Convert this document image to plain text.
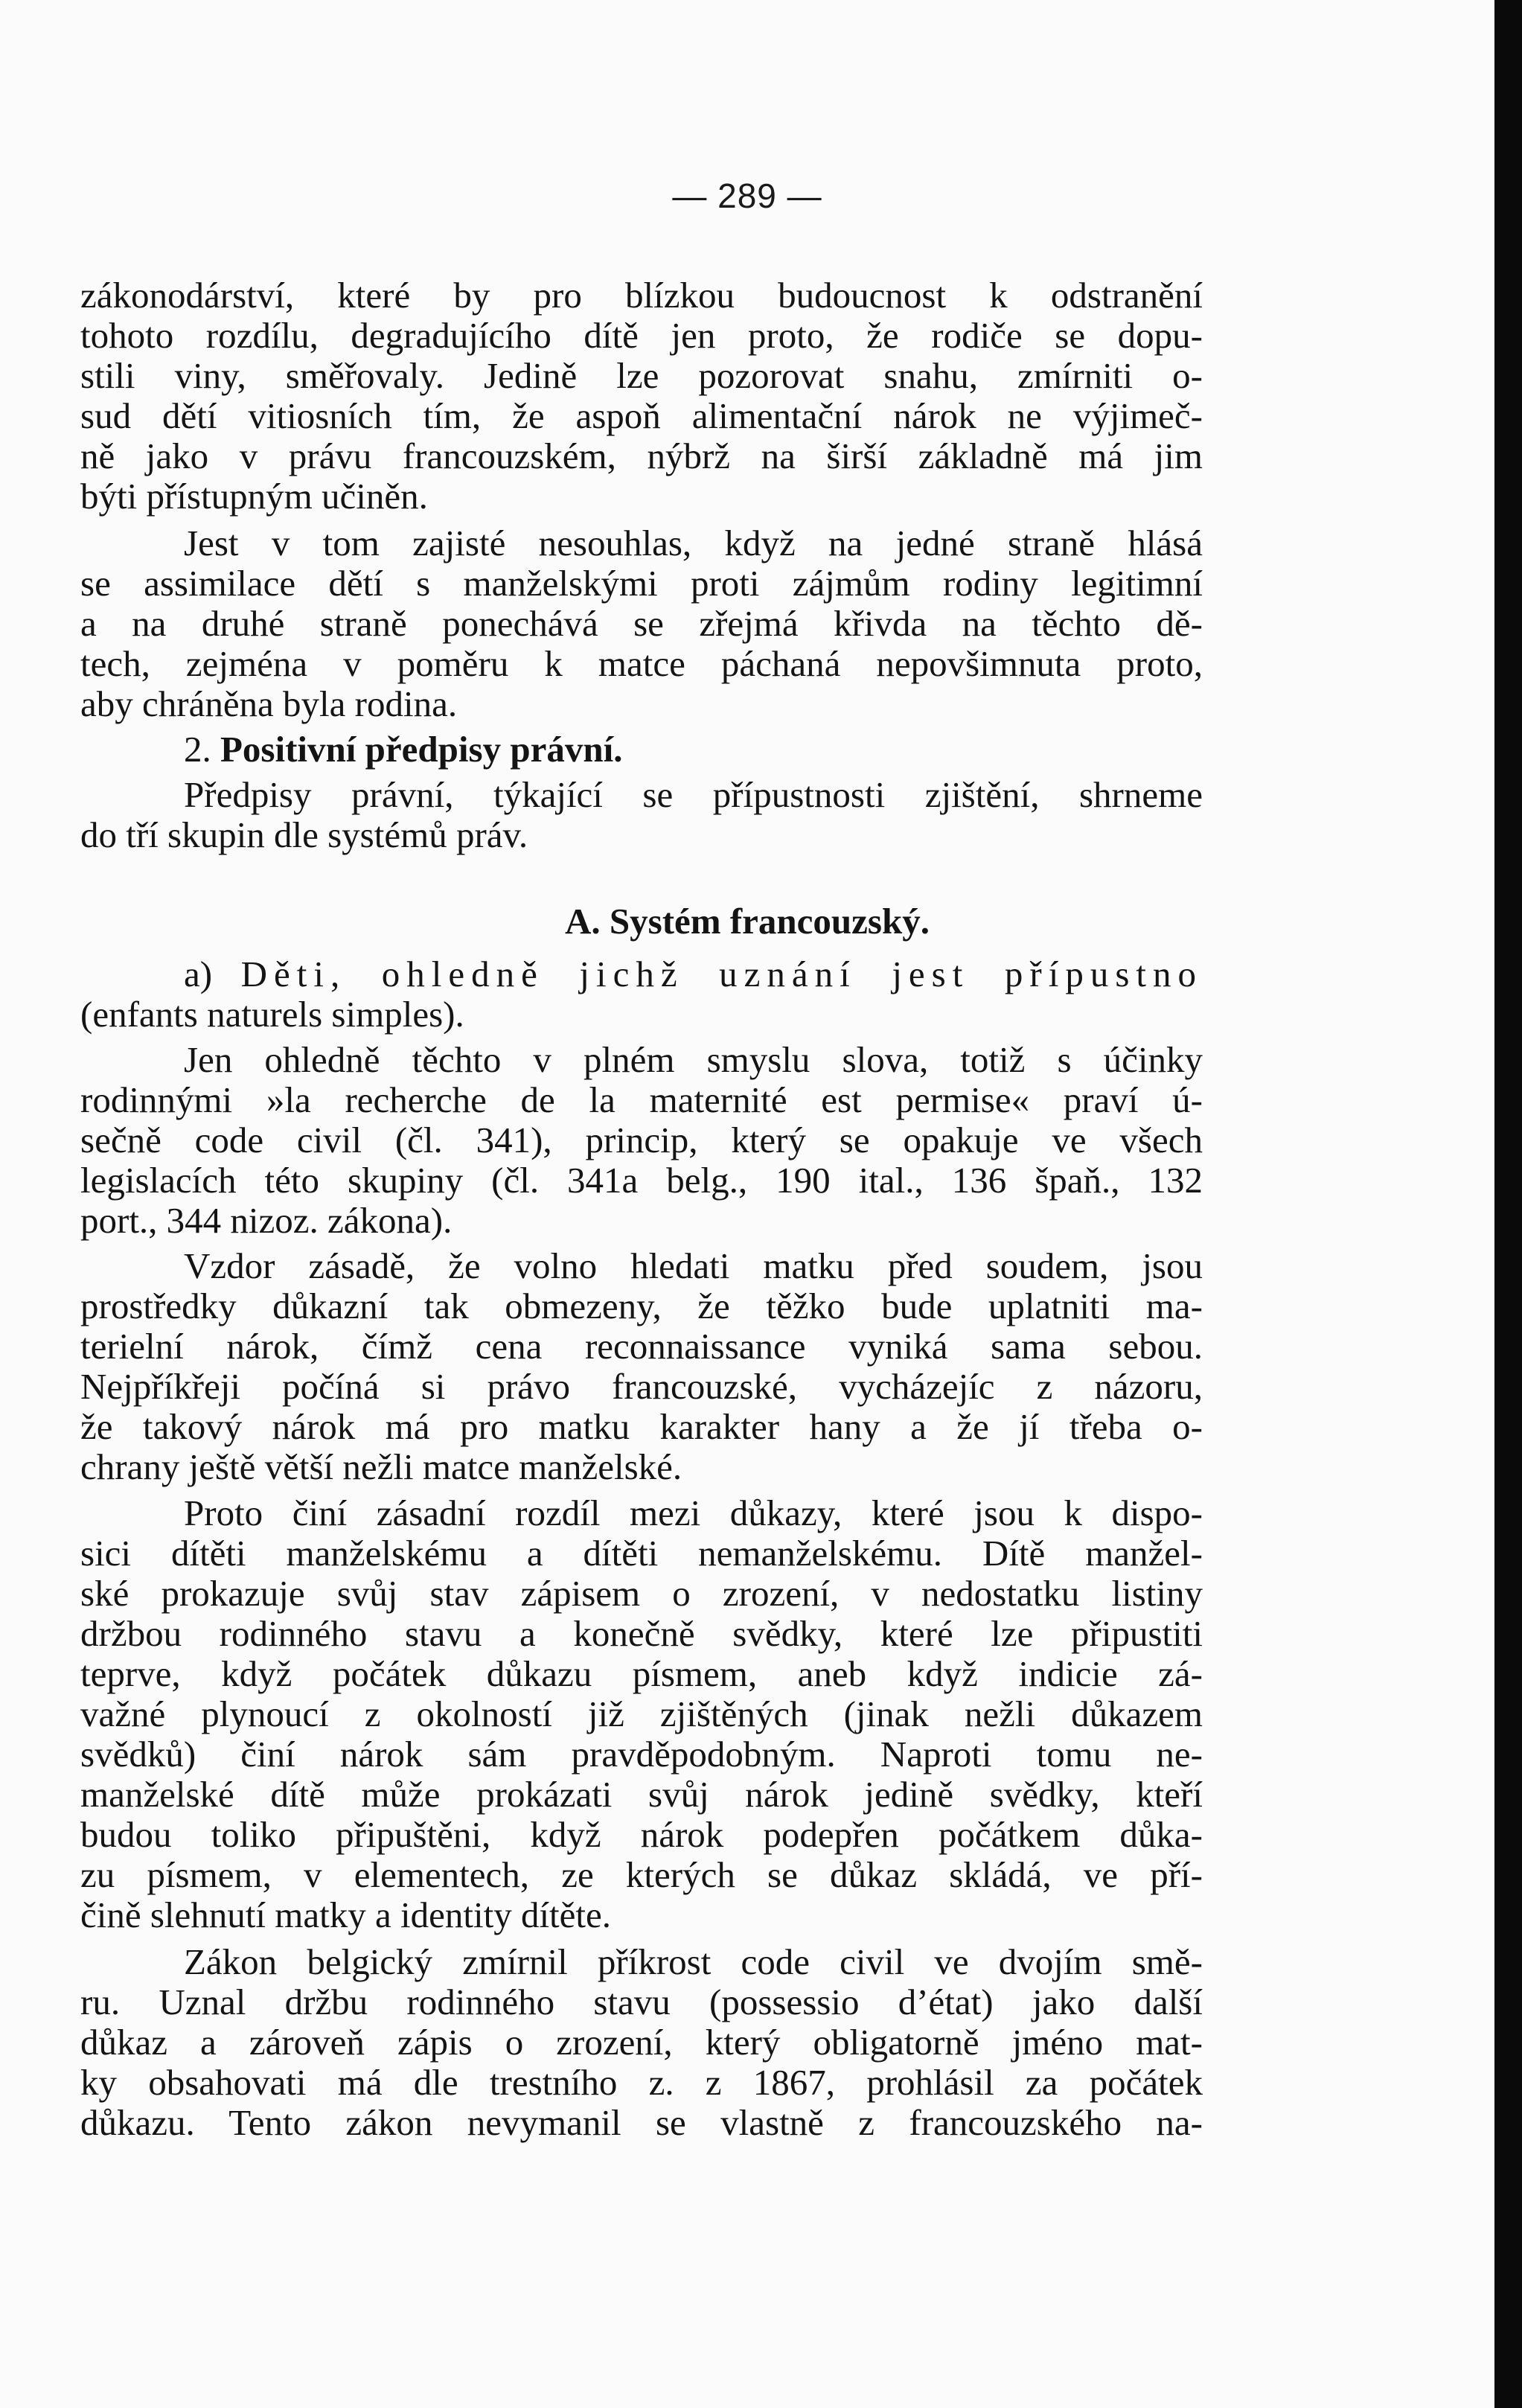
— 289 —
zákonodárství, které by pro blízkou budoucnost k odstranění
tohoto rozdílu, degradujícího dítě jen proto, že rodiče se dopu-
stili viny, směřovaly. Jedině lze pozorovat snahu, zmírniti o-
sud dětí vitiosních tím, že aspoň alimentační nárok ne výjimeč-
ně jako v právu francouzském, nýbrž na širší základně má jim
býti přístupným učiněn.
Jest v tom zajisté nesouhlas, když na jedné straně hlásá
se assimilace dětí s manželskými proti zájmům rodiny legitimní
a na druhé straně ponechává se zřejmá křivda na těchto dě-
tech, zejména v poměru k matce páchaná nepovšimnuta proto,
aby chráněna byla rodina.
2. Positivní předpisy právní.
Předpisy právní, týkající se přípustnosti zjištění, shrneme
do tří skupin dle systémů práv.
A. Systém francouzský.
a) Děti, ohledně jichž uznání jest přípustno
(enfants naturels simples).
Jen ohledně těchto v plném smyslu slova, totiž s účinky
rodinnými »la recherche de la maternité est permise« praví ú-
sečně code civil (čl. 341), princip, který se opakuje ve všech
legislacích této skupiny (čl. 341a belg., 190 ital., 136 špaň., 132
port., 344 nizoz. zákona).
Vzdor zásadě, že volno hledati matku před soudem, jsou
prostředky důkazní tak obmezeny, že těžko bude uplatniti ma-
terielní nárok, čímž cena reconnaissance vyniká sama sebou.
Nejpříkřeji počíná si právo francouzské, vycházejíc z názoru,
že takový nárok má pro matku karakter hany a že jí třeba o-
chrany ještě větší nežli matce manželské.
Proto činí zásadní rozdíl mezi důkazy, které jsou k dispo-
sici dítěti manželskému a dítěti nemanželskému. Dítě manžel-
ské prokazuje svůj stav zápisem o zrození, v nedostatku listiny
držbou rodinného stavu a konečně svědky, které lze připustiti
teprve, když počátek důkazu písmem, aneb když indicie zá-
važné plynoucí z okolností již zjištěných (jinak nežli důkazem
svědků) činí nárok sám pravděpodobným. Naproti tomu ne-
manželské dítě může prokázati svůj nárok jedině svědky, kteří
budou toliko připuštěni, když nárok podepřen počátkem důka-
zu písmem, v elementech, ze kterých se důkaz skládá, ve pří-
čině slehnutí matky a identity dítěte.
Zákon belgický zmírnil příkrost code civil ve dvojím smě-
ru. Uznal držbu rodinného stavu (possessio d’état) jako další
důkaz a zároveň zápis o zrození, který obligatorně jméno mat-
ky obsahovati má dle trestního z. z 1867, prohlásil za počátek
důkazu. Tento zákon nevymanil se vlastně z francouzského na-
